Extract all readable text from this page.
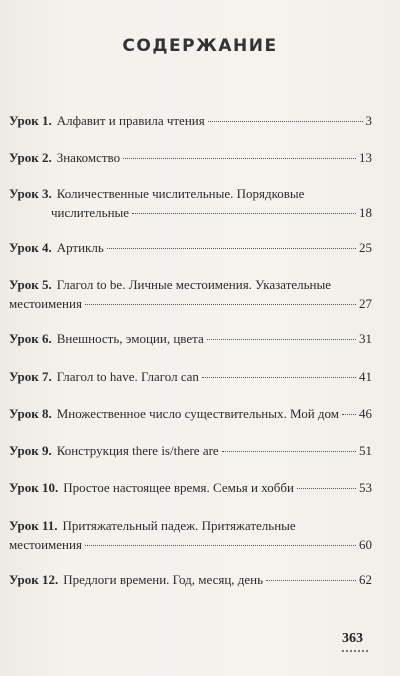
СОДЕРЖАНИЕ
Урок 1. Алфавит и правила чтения	3
Урок 2. Знакомство	13
Урок 3. Количественные числительные. Порядковые
числительные	18
Урок 4. Артикль	25
Урок 5. Глагол to be. Личные местоимения. Указательные
местоимения	27
Урок 6. Внешность, эмоции, цвета	31
Урок 7. Глагол to have. Глагол can	41
Урок 8. Множественное число существительных. Мой дом 46
Урок 9. Конструкция there is/there are	51
Урок 10. Простое настоящее время. Семья и хобби	53
Урок 11. Притяжательный падеж. Притяжательные
местоимения	60
Урок 12. Предлоги времени. Год, месяц, день	62
363
